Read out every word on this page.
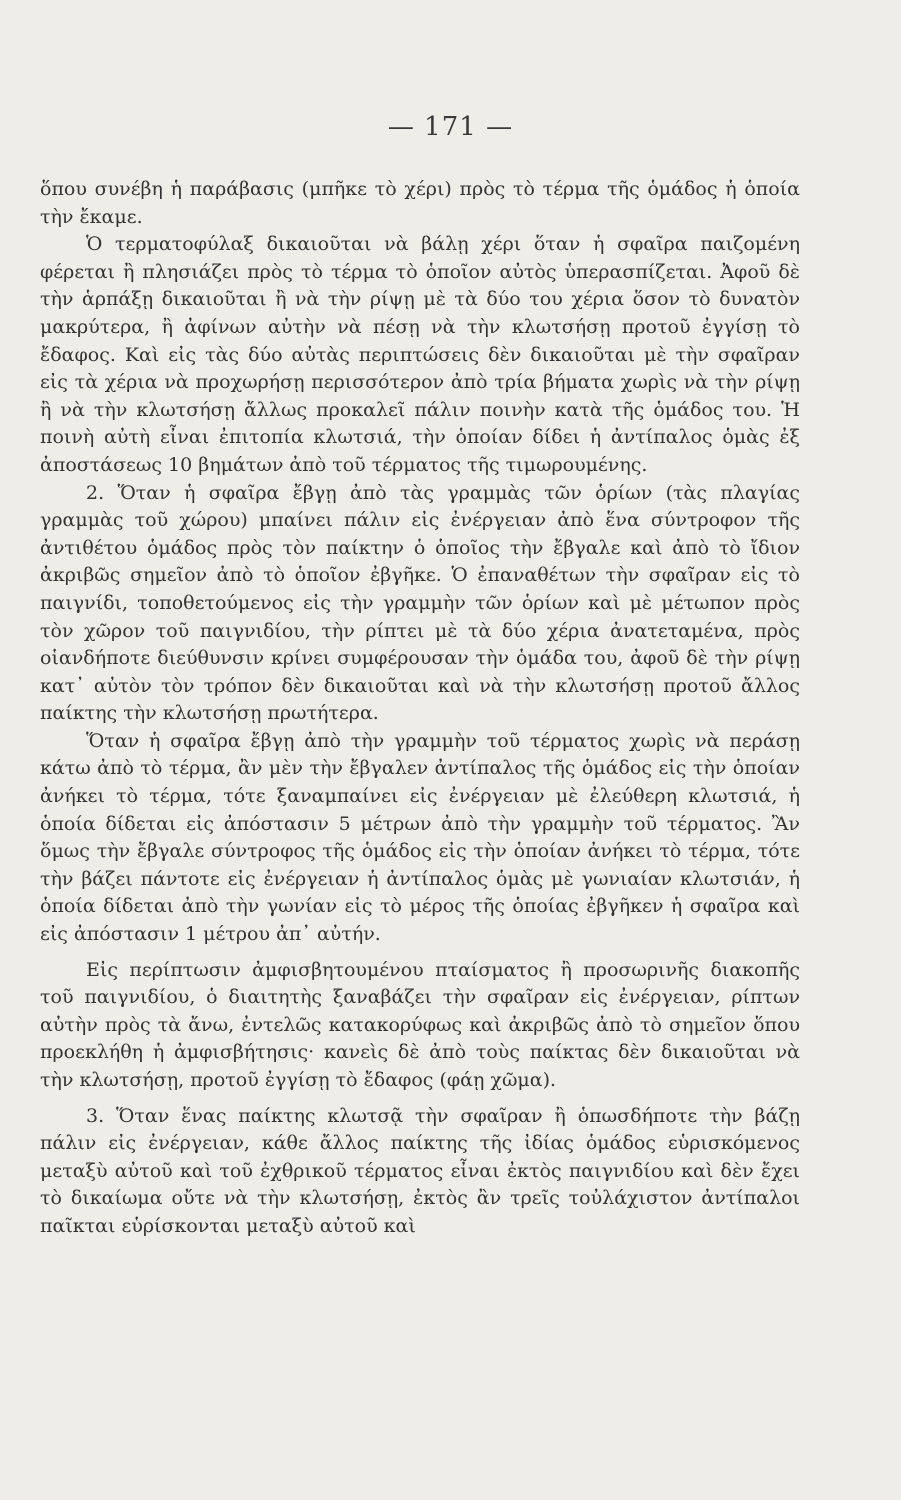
— 171 —

ὅπου συνέβη ἡ παράβασις (μπῆκε τὸ χέρι) πρὸς τὸ τέρμα τῆς ὁμάδος ἡ ὁποία τὴν ἔκαμε.

Ὁ τερματοφύλαξ δικαιοῦται νὰ βάλῃ χέρι ὅταν ἡ σφαῖρα παιζομένη φέρεται ἢ πλησιάζει πρὸς τὸ τέρμα τὸ ὁποῖον αὐτὸς ὑπερασπίζεται. Ἀφοῦ δὲ τὴν ἁρπάξῃ δικαιοῦται ἢ νὰ τὴν ρίψῃ μὲ τὰ δύο του χέρια ὅσον τὸ δυνατὸν μακρύτερα, ἢ ἀφίνων αὐτὴν νὰ πέσῃ νὰ τὴν κλωτσήσῃ προτοῦ ἐγγίσῃ τὸ ἔδαφος. Καὶ εἰς τὰς δύο αὐτὰς περιπτώσεις δὲν δικαιοῦται μὲ τὴν σφαῖραν εἰς τὰ χέρια νὰ προχωρήσῃ περισσότερον ἀπὸ τρία βήματα χωρὶς νὰ τὴν ρίψῃ ἢ νὰ τὴν κλωτσήσῃ ἄλλως προκαλεῖ πάλιν ποινὴν κατὰ τῆς ὁμάδος του. Ἡ ποινὴ αὐτὴ εἶναι ἐπιτοπία κλωτσιά, τὴν ὁποίαν δίδει ἡ ἀντίπαλος ὁμὰς ἐξ ἀποστάσεως 10 βημάτων ἀπὸ τοῦ τέρματος τῆς τιμωρουμένης.

2. Ὅταν ἡ σφαῖρα ἔβγῃ ἀπὸ τὰς γραμμὰς τῶν ὁρίων (τὰς πλαγίας γραμμὰς τοῦ χώρου) μπαίνει πάλιν εἰς ἐνέργειαν ἀπὸ ἕνα σύντροφον τῆς ἀντιθέτου ὁμάδος πρὸς τὸν παίκτην ὁ ὁποῖος τὴν ἔβγαλε καὶ ἀπὸ τὸ ἴδιον ἀκριβῶς σημεῖον ἀπὸ τὸ ὁποῖον ἐβγῆκε. Ὁ ἐπαναθέτων τὴν σφαῖραν εἰς τὸ παιγνίδι, τοποθετούμενος εἰς τὴν γραμμὴν τῶν ὁρίων καὶ μὲ μέτωπον πρὸς τὸν χῶρον τοῦ παιγνιδίου, τὴν ρίπτει μὲ τὰ δύο χέρια ἀνατεταμένα, πρὸς οἱανδήποτε διεύθυνσιν κρίνει συμφέρουσαν τὴν ὁμάδα του, ἀφοῦ δὲ τὴν ρίψῃ κατ᾽ αὐτὸν τὸν τρόπον δὲν δικαιοῦται καὶ νὰ τὴν κλωτσήσῃ προτοῦ ἄλλος παίκτης τὴν κλωτσήσῃ πρωτήτερα.

Ὅταν ἡ σφαῖρα ἔβγῃ ἀπὸ τὴν γραμμὴν τοῦ τέρματος χωρὶς νὰ περάσῃ κάτω ἀπὸ τὸ τέρμα, ἂν μὲν τὴν ἔβγαλεν ἀντίπαλος τῆς ὁμάδος εἰς τὴν ὁποίαν ἀνήκει τὸ τέρμα, τότε ξαναμπαίνει εἰς ἐνέργειαν μὲ ἐλεύθερη κλωτσιά, ἡ ὁποία δίδεται εἰς ἀπόστασιν 5 μέτρων ἀπὸ τὴν γραμμὴν τοῦ τέρματος. Ἂν ὅμως τὴν ἔβγαλε σύντροφος τῆς ὁμάδος εἰς τὴν ὁποίαν ἀνήκει τὸ τέρμα, τότε τὴν βάζει πάντοτε εἰς ἐνέργειαν ἡ ἀντίπαλος ὁμὰς μὲ γωνιαίαν κλωτσιάν, ἡ ὁποία δίδεται ἀπὸ τὴν γωνίαν εἰς τὸ μέρος τῆς ὁποίας ἐβγῆκεν ἡ σφαῖρα καὶ εἰς ἀπόστασιν 1 μέτρου ἀπ᾽ αὐτήν.

Εἰς περίπτωσιν ἀμφισβητουμένου πταίσματος ἢ προσωρινῆς διακοπῆς τοῦ παιγνιδίου, ὁ διαιτητὴς ξαναβάζει τὴν σφαῖραν εἰς ἐνέργειαν, ρίπτων αὐτὴν πρὸς τὰ ἄνω, ἐντελῶς κατακορύφως καὶ ἀκριβῶς ἀπὸ τὸ σημεῖον ὅπου προεκλήθη ἡ ἀμφισβήτησις· κανεὶς δὲ ἀπὸ τοὺς παίκτας δὲν δικαιοῦται νὰ τὴν κλωτσήσῃ, προτοῦ ἐγγίσῃ τὸ ἔδαφος (φάῃ χῶμα).

3. Ὅταν ἕνας παίκτης κλωτσᾷ τὴν σφαῖραν ἢ ὁπωσδήποτε τὴν βάζῃ πάλιν εἰς ἐνέργειαν, κάθε ἄλλος παίκτης τῆς ἰδίας ὁμάδος εὑρισκόμενος μεταξὺ αὐτοῦ καὶ τοῦ ἐχθρικοῦ τέρματος εἶναι ἐκτὸς παιγνιδίου καὶ δὲν ἔχει τὸ δικαίωμα οὔτε νὰ τὴν κλωτσήσῃ, ἐκτὸς ἂν τρεῖς τοὐλάχιστον ἀντίπαλοι παῖκται εὑρίσκονται μεταξὺ αὐτοῦ καὶ
